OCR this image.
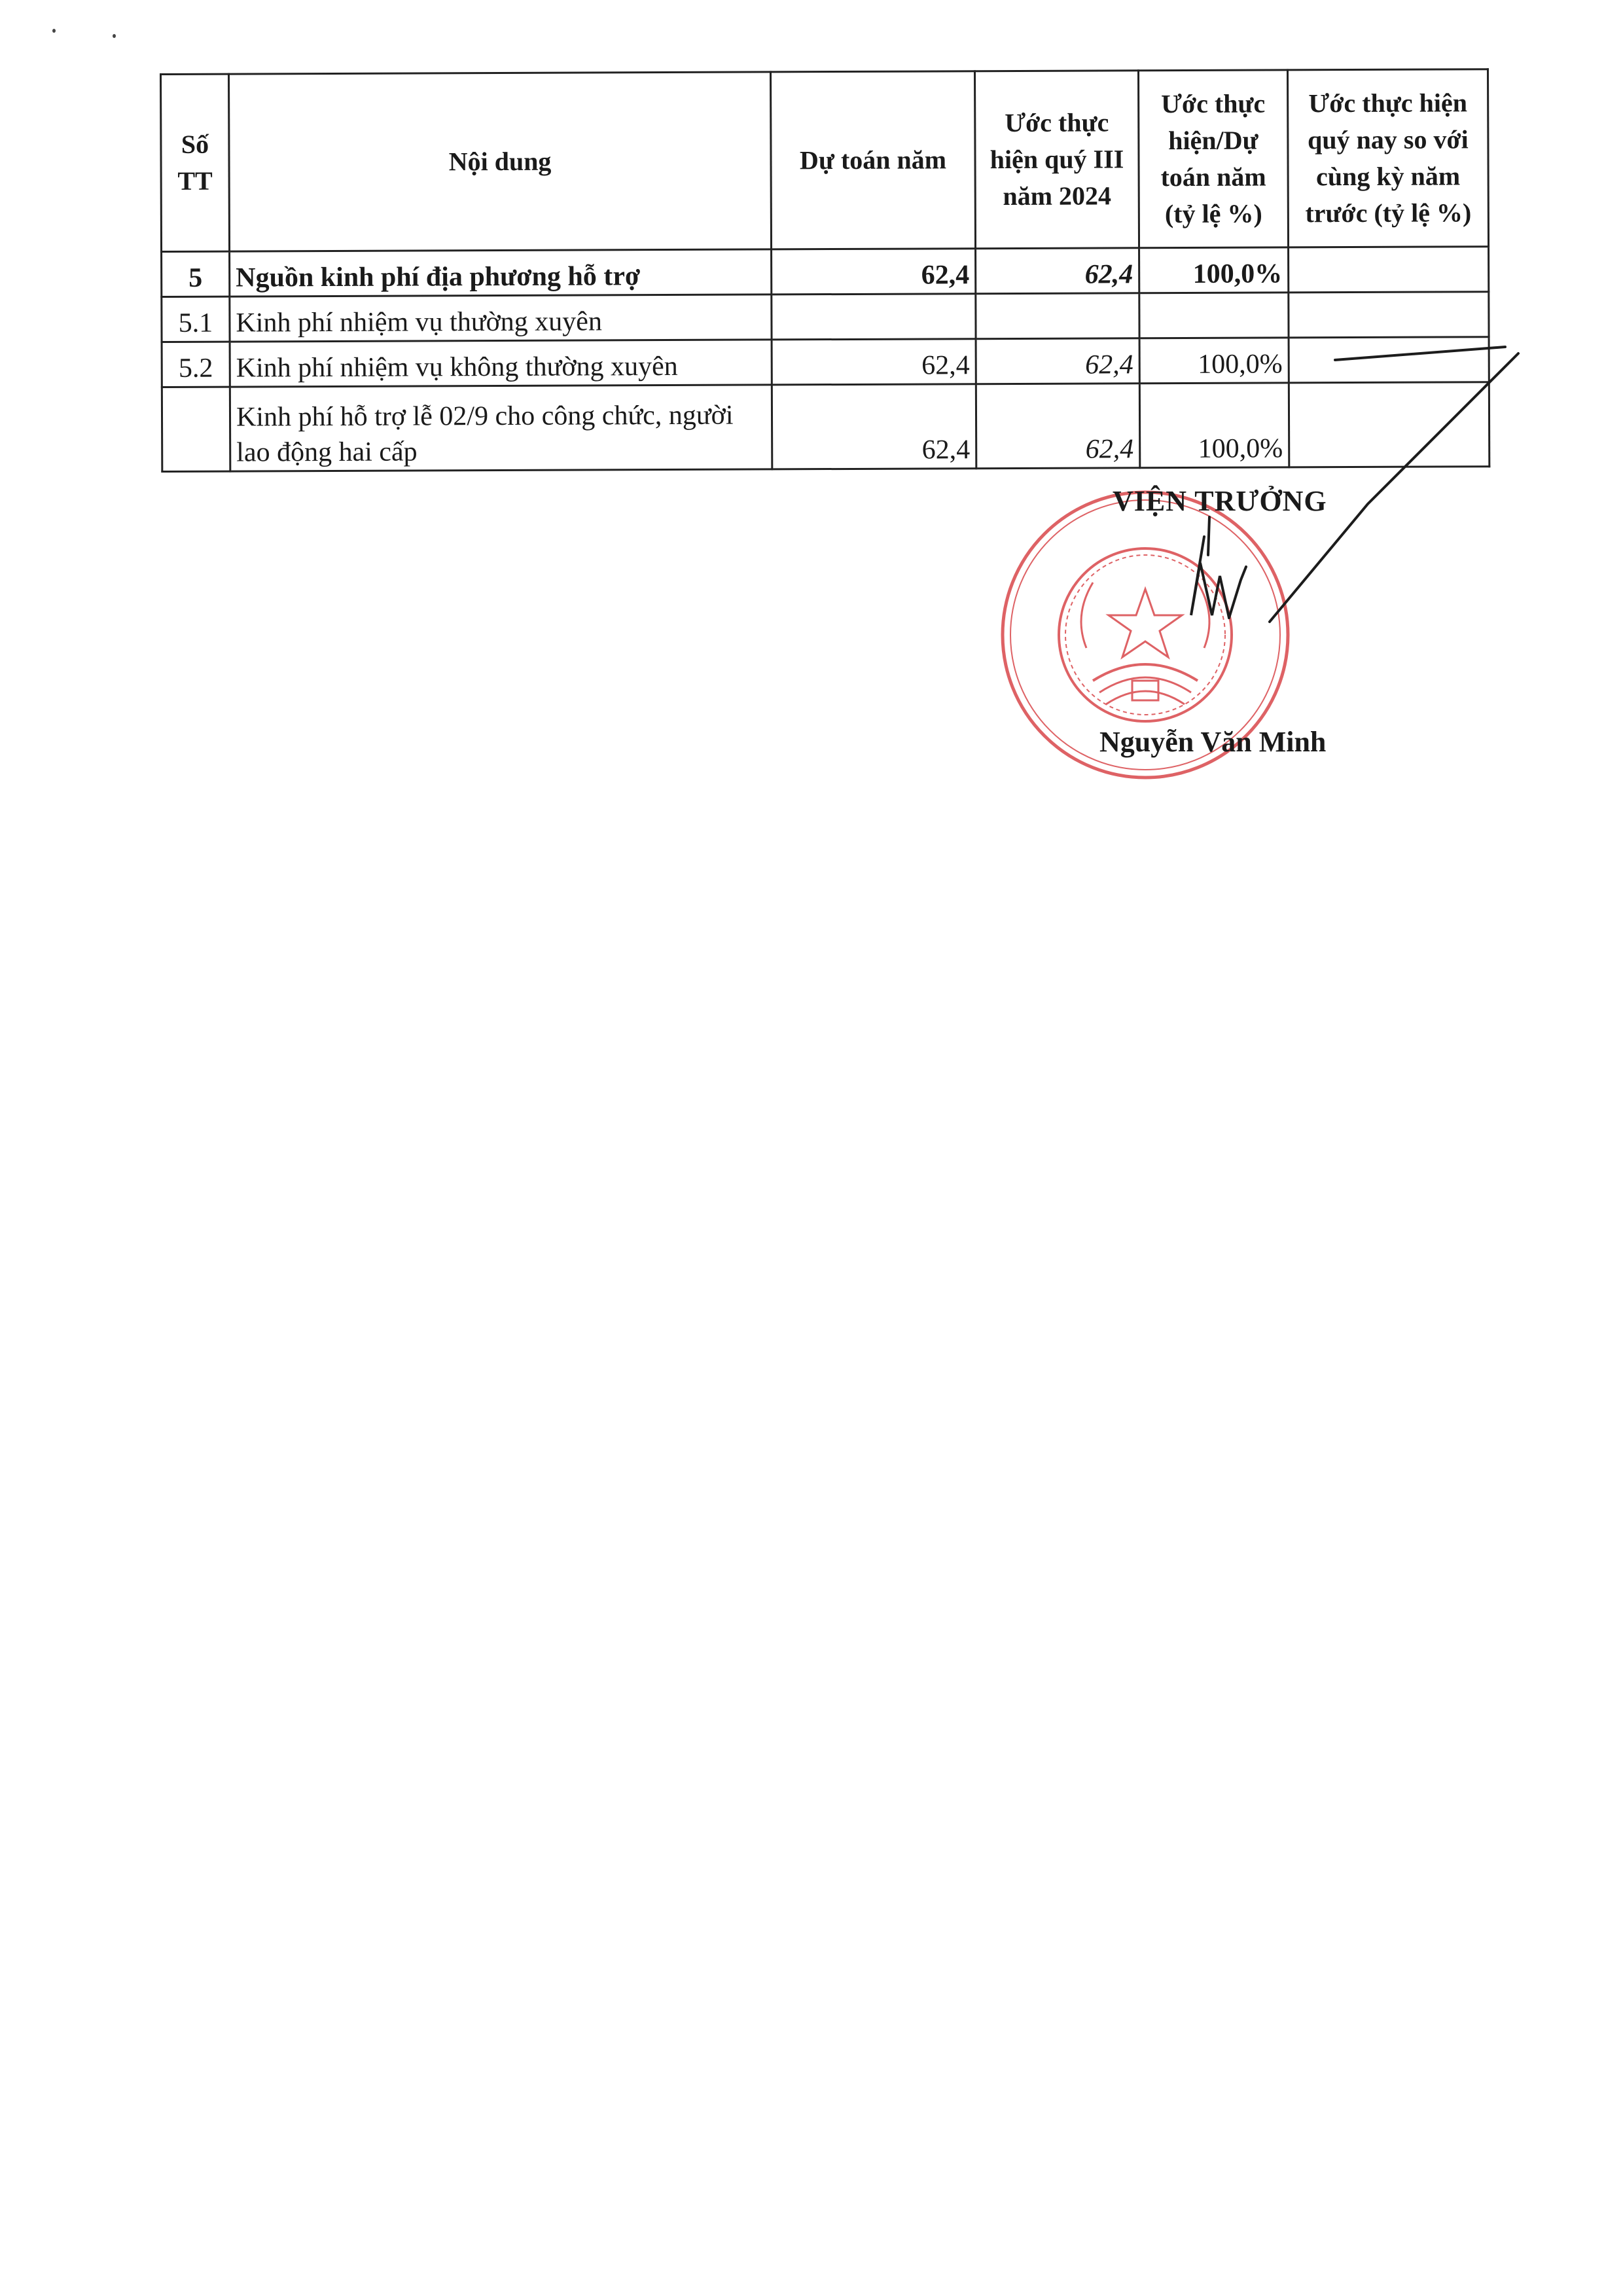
Số TT	Nội dung	Dự toán năm	Ước thực hiện quý III năm 2024	Ước thực hiện/Dự toán năm (tỷ lệ %)	Ước thực hiện quý nay so với cùng kỳ năm trước (tỷ lệ %)
5	Nguồn kinh phí địa phương hỗ trợ	62,4	62,4	100,0%	
5.1	Kinh phí nhiệm vụ thường xuyên				
5.2	Kinh phí nhiệm vụ không thường xuyên	62,4	62,4	100,0%	
	Kinh phí hỗ trợ lễ 02/9 cho công chức, người lao động hai cấp	62,4	62,4	100,0%	
VIỆN TRƯỞNG
Nguyễn Văn Minh
